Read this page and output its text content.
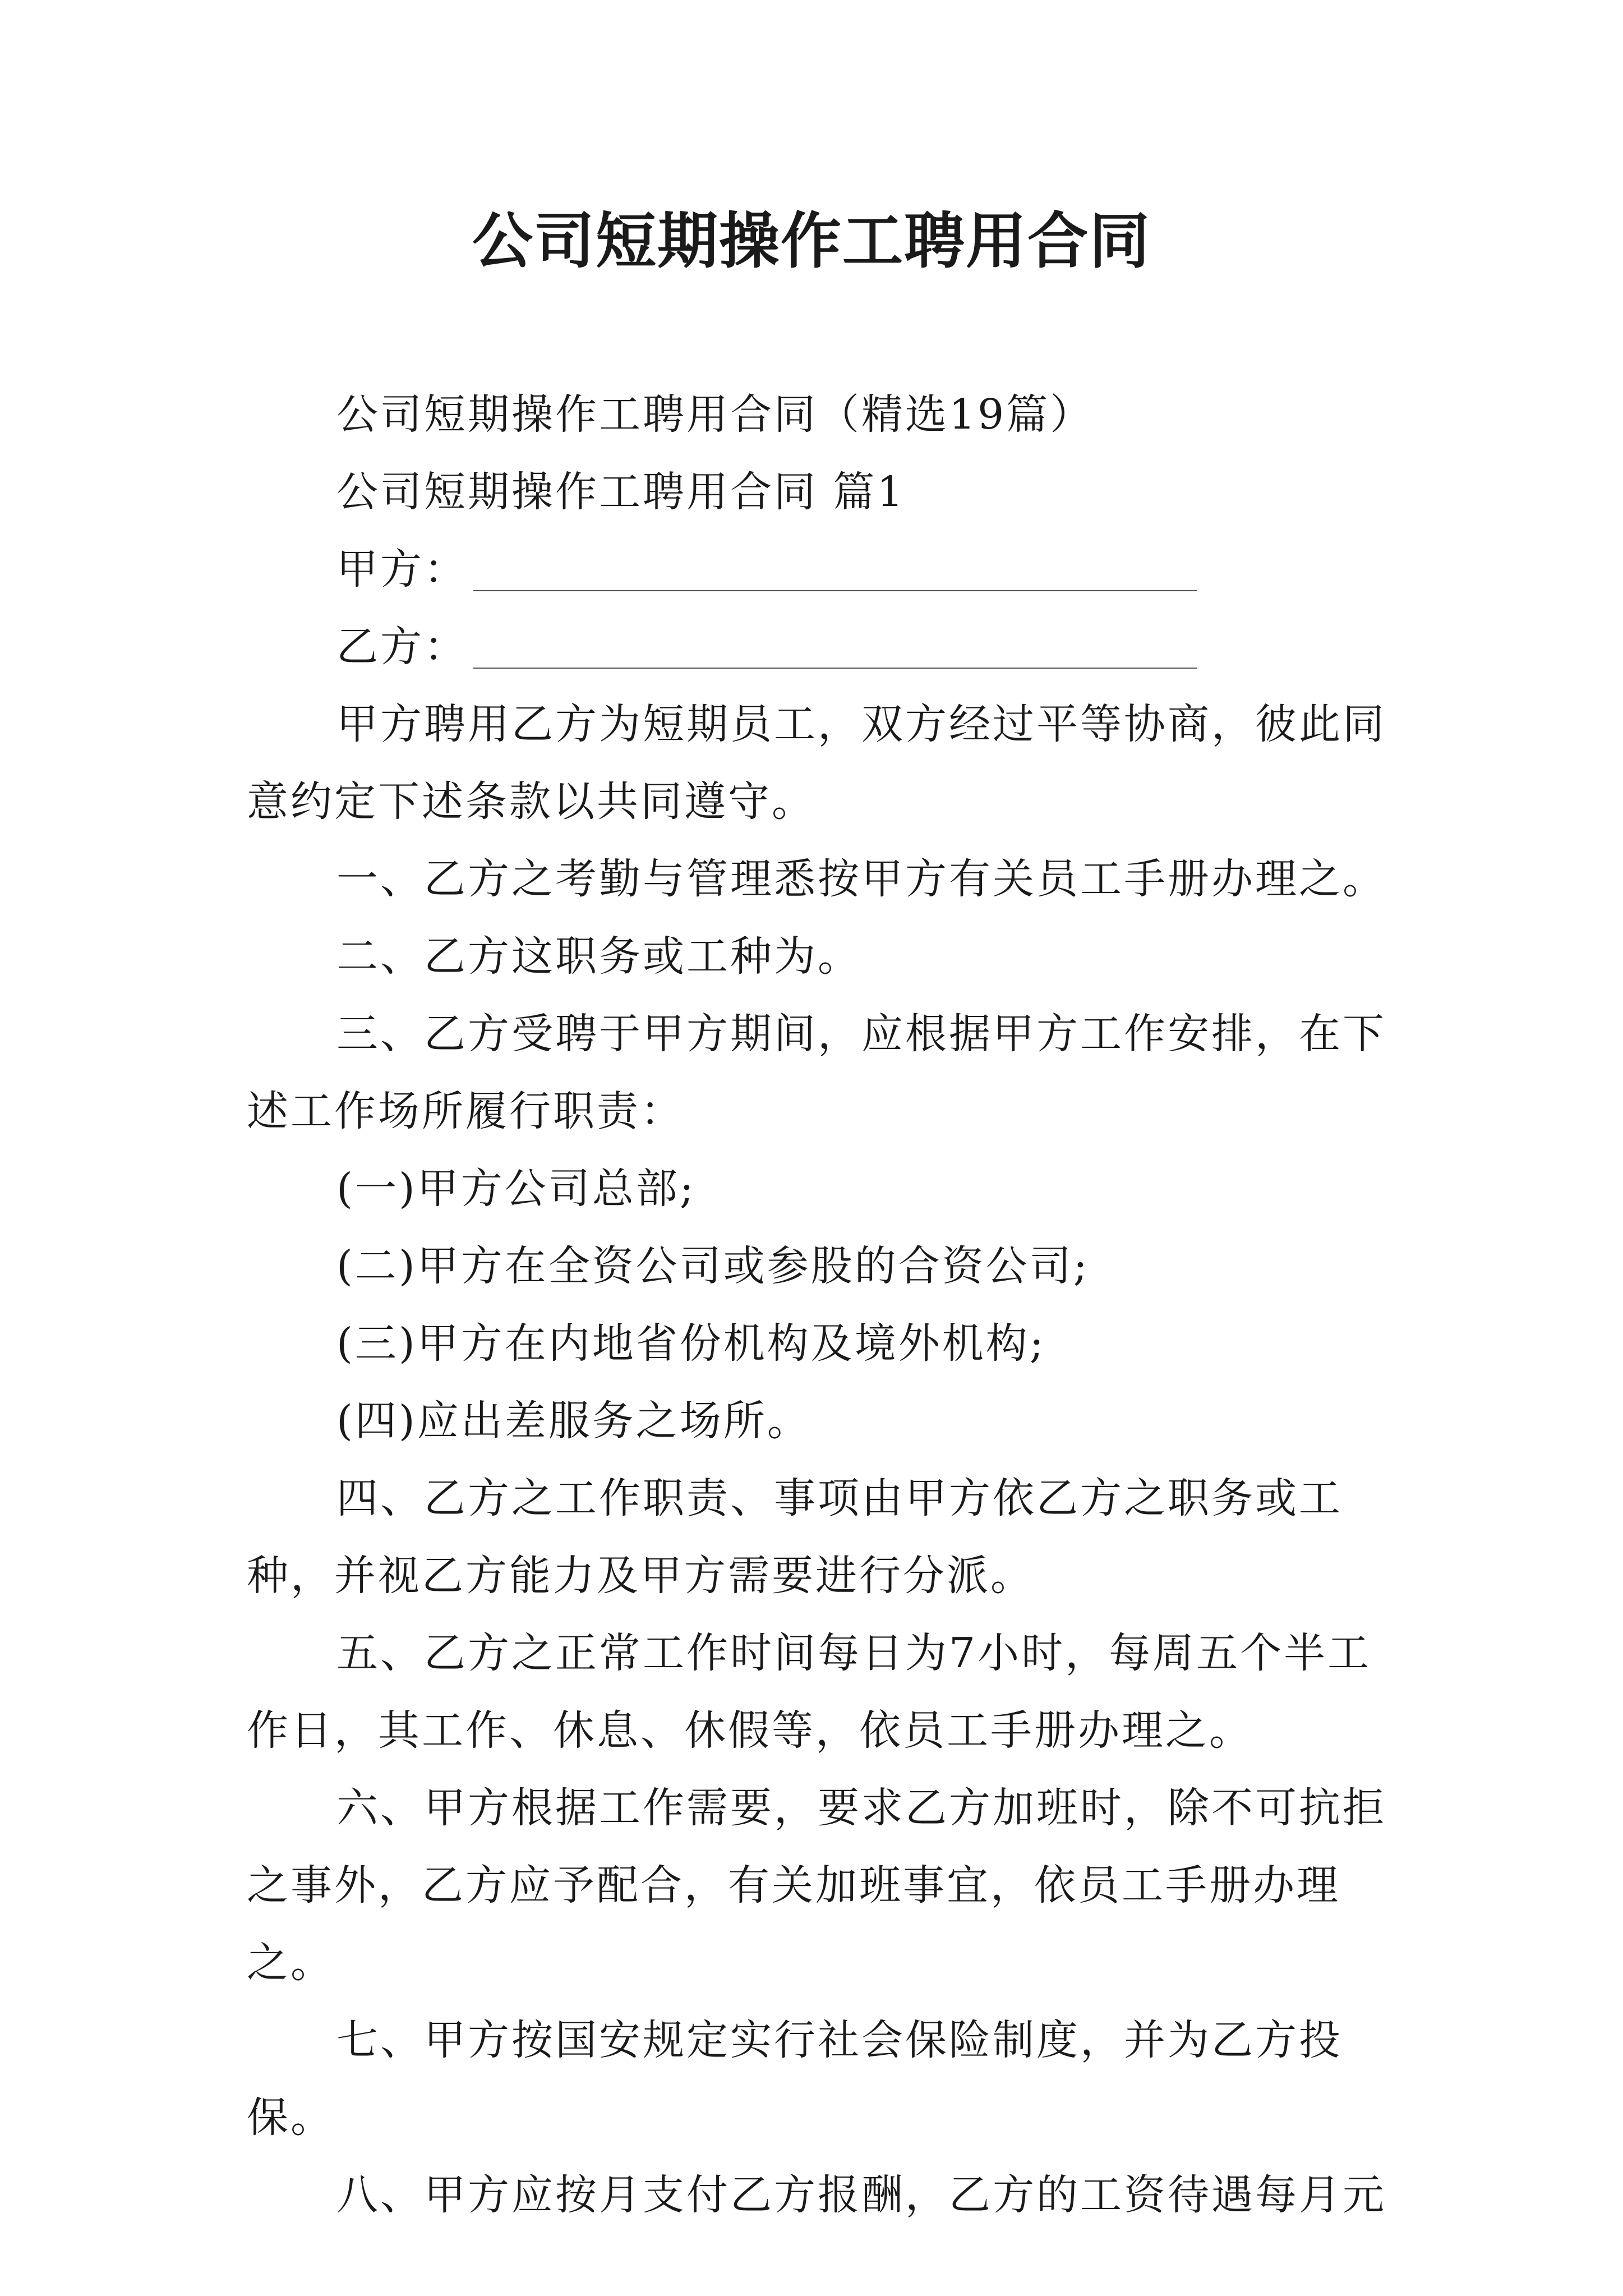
公司短期操作工聘用合同

公司短期操作工聘用合同（精选19篇）

公司短期操作工聘用合同 篇1

甲方：
乙方：

甲方聘用乙方为短期员工，双方经过平等协商，彼此同意约定下述条款以共同遵守。

一、乙方之考勤与管理悉按甲方有关员工手册办理之。

二、乙方这职务或工种为。

三、乙方受聘于甲方期间，应根据甲方工作安排，在下述工作场所履行职责：

(一)甲方公司总部;

(二)甲方在全资公司或参股的合资公司;

(三)甲方在内地省份机构及境外机构;

(四)应出差服务之场所。

四、乙方之工作职责、事项由甲方依乙方之职务或工种，并视乙方能力及甲方需要进行分派。

五、乙方之正常工作时间每日为7小时，每周五个半工作日，其工作、休息、休假等，依员工手册办理之。

六、甲方根据工作需要，要求乙方加班时，除不可抗拒之事外，乙方应予配合，有关加班事宜，依员工手册办理之。

七、甲方按国安规定实行社会保险制度，并为乙方投保。

八、甲方应按月支付乙方报酬，乙方的工资待遇每月元
